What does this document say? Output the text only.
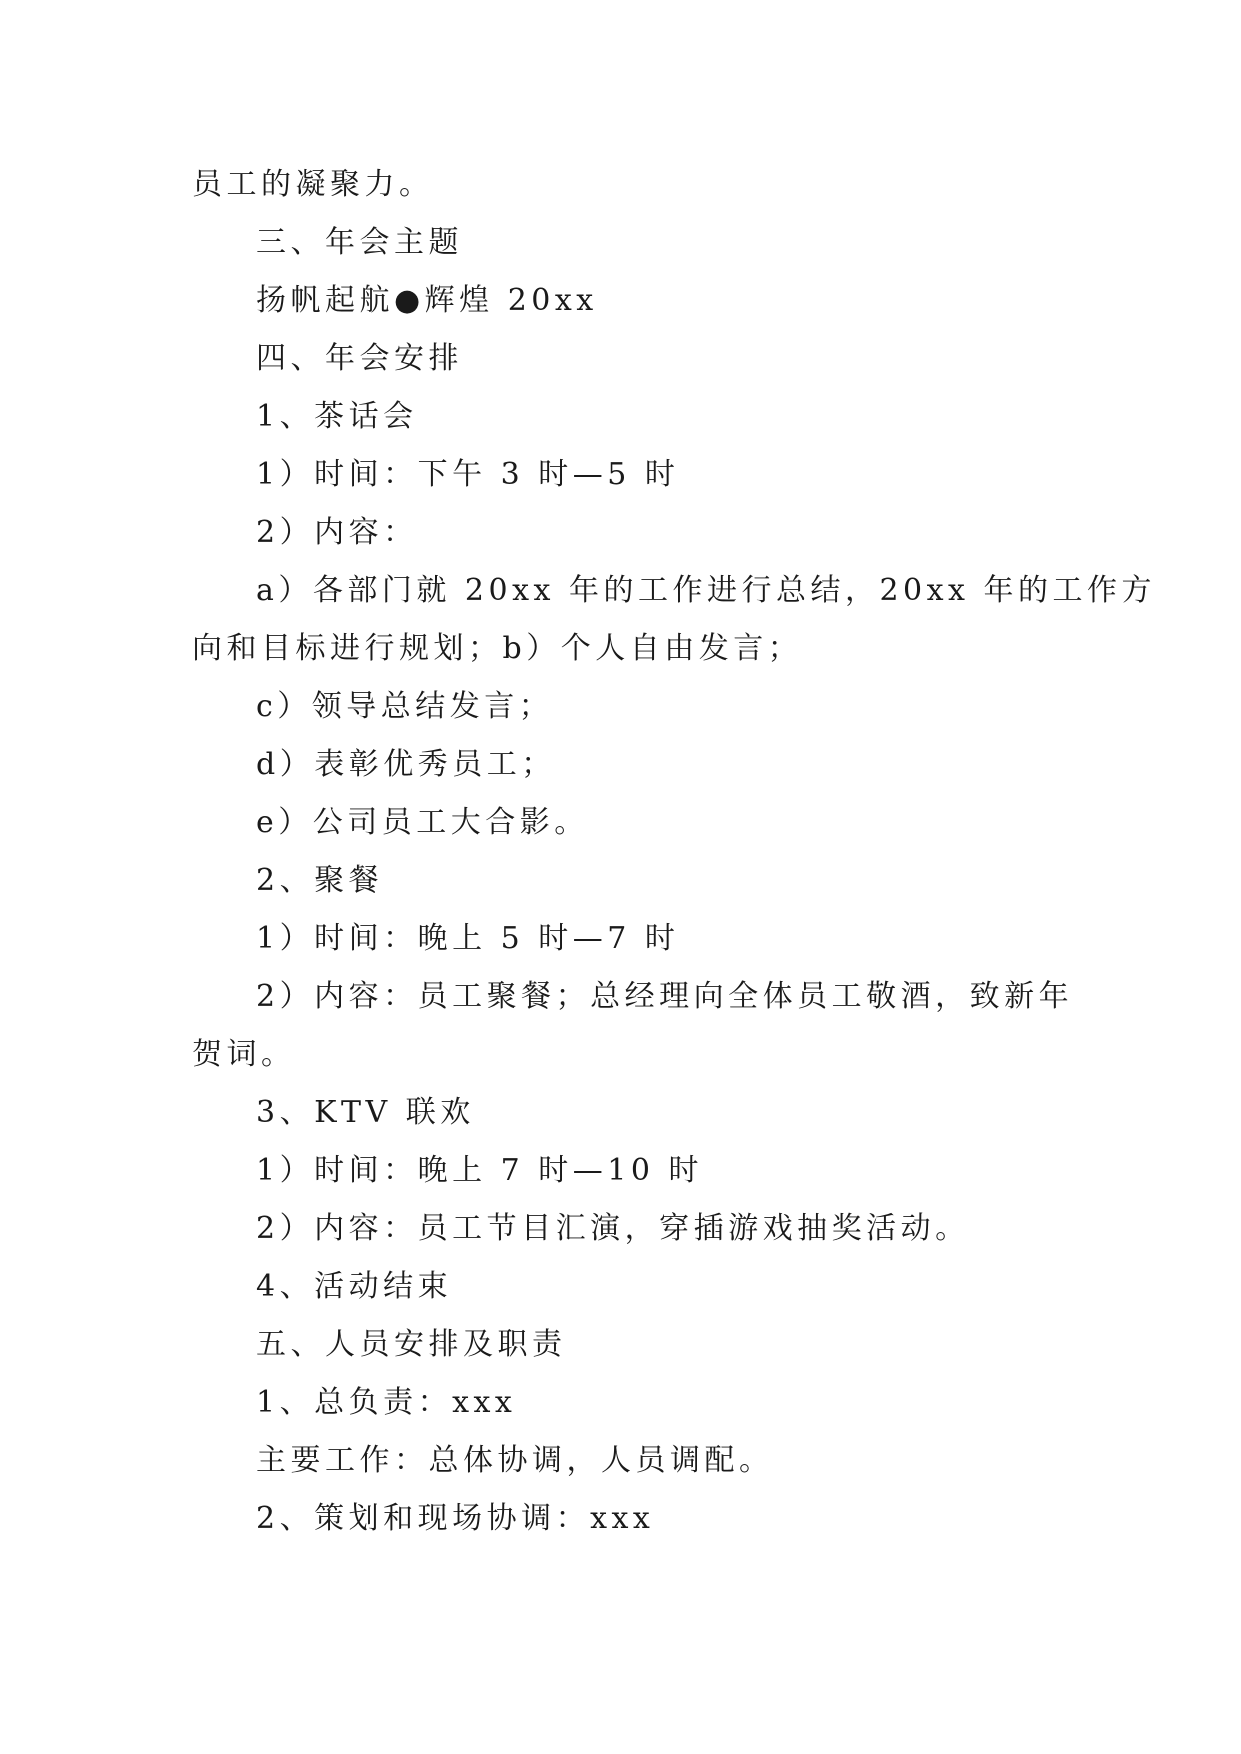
员工的凝聚力。
三、年会主题
扬帆起航●辉煌 20xx
四、年会安排
1、茶话会
1）时间：下午 3 时—5 时
2）内容：
a）各部门就 20xx 年的工作进行总结，20xx 年的工作方
向和目标进行规划；b）个人自由发言；
c）领导总结发言；
d）表彰优秀员工；
e）公司员工大合影。
2、聚餐
1）时间：晚上 5 时—7 时
2）内容：员工聚餐；总经理向全体员工敬酒，致新年
贺词。
3、KTV 联欢
1）时间：晚上 7 时—10 时
2）内容：员工节目汇演，穿插游戏抽奖活动。
4、活动结束
五、人员安排及职责
1、总负责：xxx
主要工作：总体协调，人员调配。
2、策划和现场协调：xxx
